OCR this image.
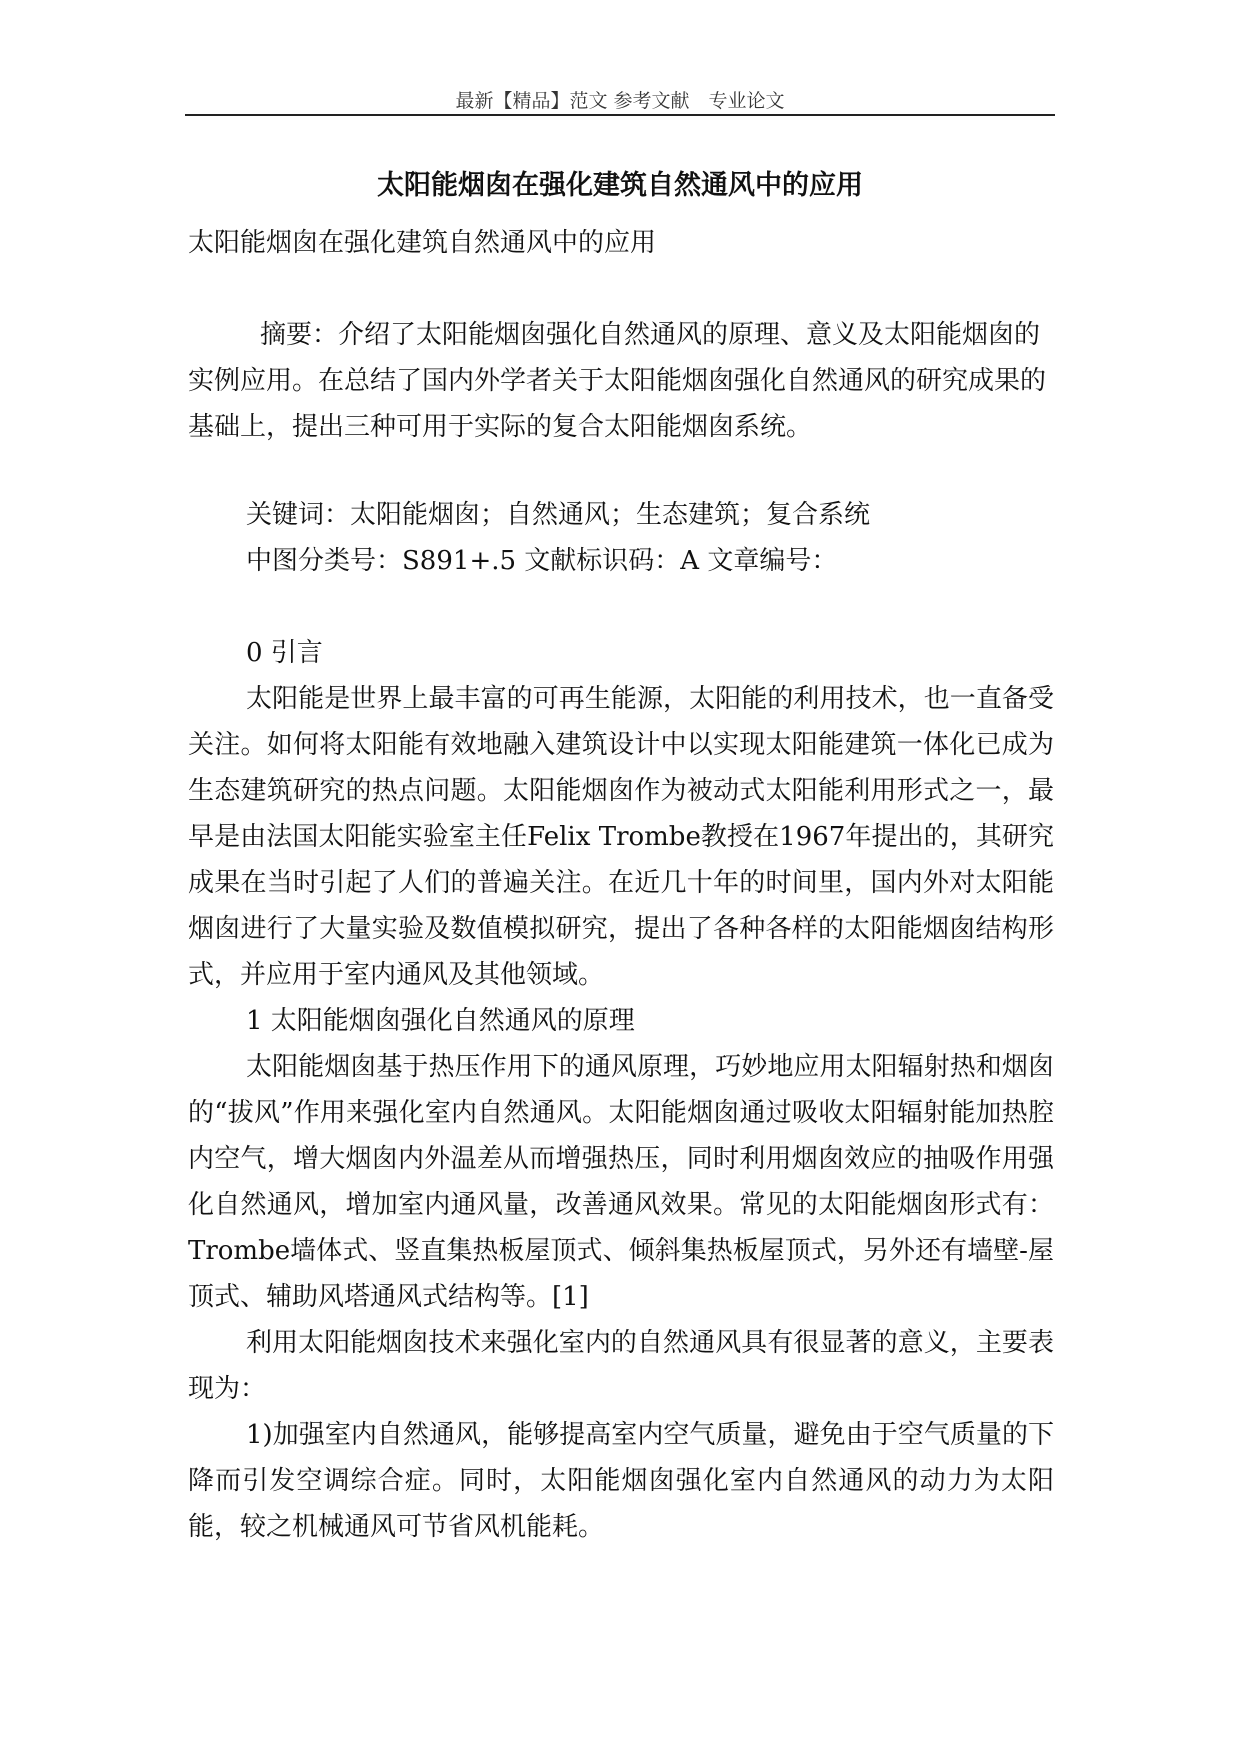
最新【精品】范文 参考文献　专业论文
太阳能烟囱在强化建筑自然通风中的应用

太阳能烟囱在强化建筑自然通风中的应用

摘要：介绍了太阳能烟囱强化自然通风的原理、意义及太阳能烟囱的实例应用。在总结了国内外学者关于太阳能烟囱强化自然通风的研究成果的基础上，提出三种可用于实际的复合太阳能烟囱系统。

关键词：太阳能烟囱；自然通风；生态建筑；复合系统

中图分类号：S891+.5 文献标识码：A 文章编号：

0 引言

太阳能是世界上最丰富的可再生能源，太阳能的利用技术，也一直备受关注。如何将太阳能有效地融入建筑设计中以实现太阳能建筑一体化已成为生态建筑研究的热点问题。太阳能烟囱作为被动式太阳能利用形式之一，最早是由法国太阳能实验室主任Felix Trombe教授在1967年提出的，其研究成果在当时引起了人们的普遍关注。在近几十年的时间里，国内外对太阳能烟囱进行了大量实验及数值模拟研究，提出了各种各样的太阳能烟囱结构形式，并应用于室内通风及其他领域。

1 太阳能烟囱强化自然通风的原理

太阳能烟囱基于热压作用下的通风原理，巧妙地应用太阳辐射热和烟囱的“拔风”作用来强化室内自然通风。太阳能烟囱通过吸收太阳辐射能加热腔内空气，增大烟囱内外温差从而增强热压，同时利用烟囱效应的抽吸作用强化自然通风，增加室内通风量，改善通风效果。常见的太阳能烟囱形式有：Trombe墙体式、竖直集热板屋顶式、倾斜集热板屋顶式，另外还有墙壁-屋顶式、辅助风塔通风式结构等。[1]

利用太阳能烟囱技术来强化室内的自然通风具有很显著的意义，主要表现为：

1)加强室内自然通风，能够提高室内空气质量，避免由于空气质量的下降而引发空调综合症。同时，太阳能烟囱强化室内自然通风的动力为太阳能，较之机械通风可节省风机能耗。
